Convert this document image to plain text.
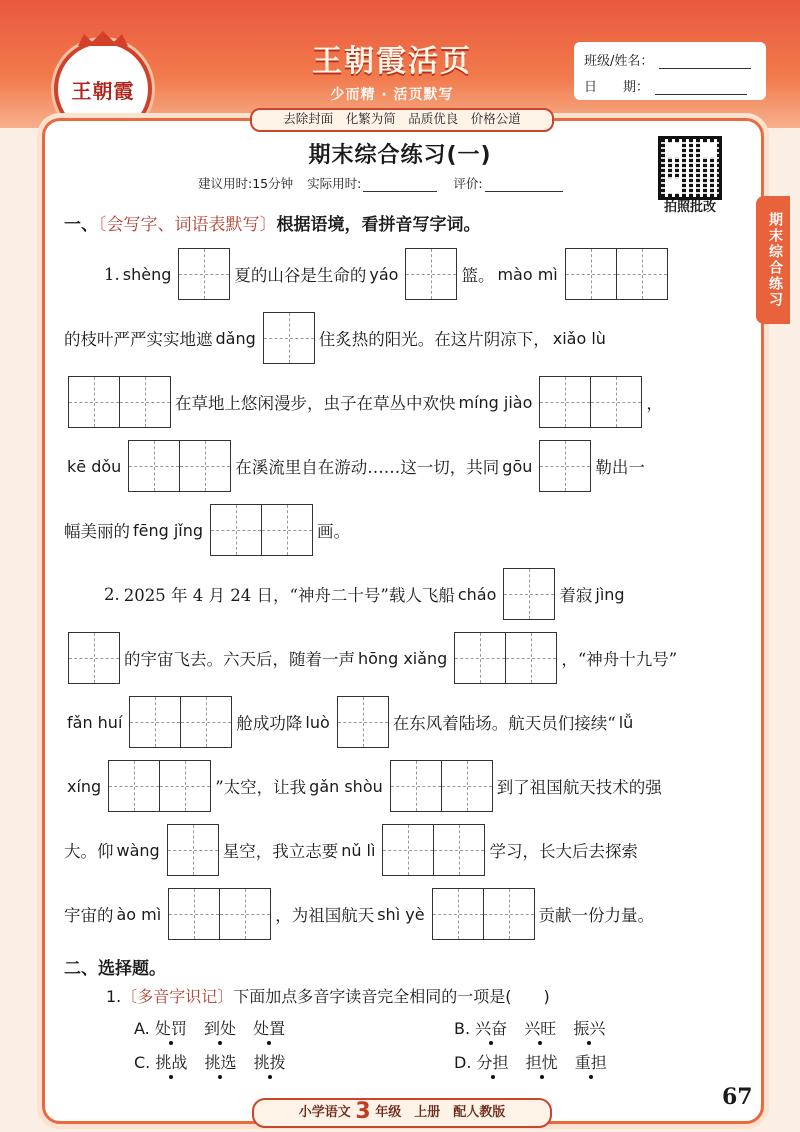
王朝霞
王朝霞活页
少而精 · 活页默写
班级/姓名：
日　　期：
去除封面　化繁为简　品质优良　价格公道
期末综合练习(一)
建议用时:15分钟 实际用时:	评价:
拍照批改
期末综合练习
一、〔会写字、词语表默写〕根据语境，看拼音写字词。
1. shèng	夏的山谷是生命的 yáo	篮。 mào mì
的枝叶严严实实地遮 dǎng	住炙热的阳光。在这片阴凉下， xiǎo lù
在草地上悠闲漫步，虫子在草丛中欢快 míng jiào	，
kē dǒu	在溪流里自在游动……这一切，共同 gōu	勒出一
幅美丽的 fēng jǐng	画。
2. 2025 年 4 月 24 日，“神舟二十号”载人飞船 cháo	着寂 jìng
的宇宙飞去。六天后，随着一声 hōng xiǎng	，“神舟十九号”
fǎn huí	舱成功降 luò	在东风着陆场。航天员们接续“ lǚ
xíng	”太空，让我 gǎn shòu	到了祖国航天技术的强
大。仰 wàng	星空，我立志要 nǔ lì	学习，长大后去探索
宇宙的 ào mì	，为祖国航天 shì yè	贡献一份力量。
二、选择题。
1.〔多音字识记〕下面加点多音字读音完全相同的一项是(　　)
A. 处罚 到处 处置	B. 兴奋 兴旺 振兴
C. 挑战 挑选 挑拨	D. 分担 担忧 重担
小学语文 3 年级　上册　配人教版
67
